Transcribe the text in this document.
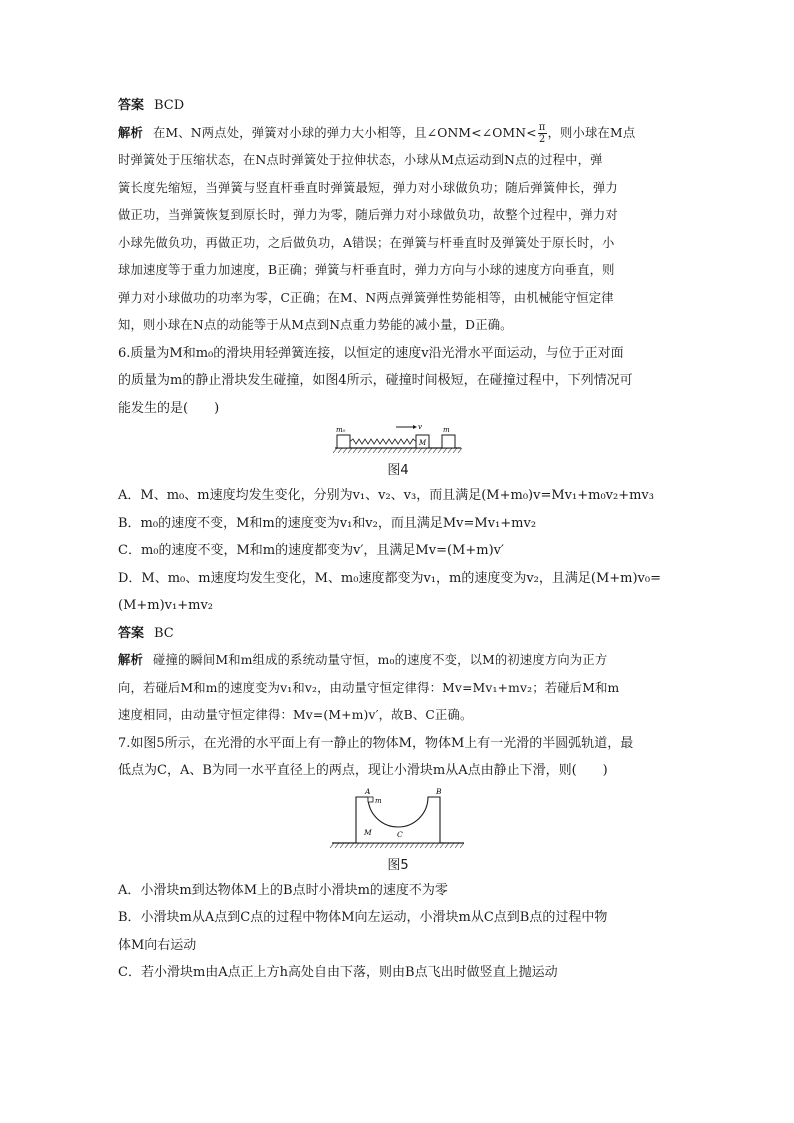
答案 BCD
解析 在M、N两点处，弹簧对小球的弹力大小相等，且∠ONM<∠OMN< $\frac{\pi}{2}$ ，则小球在M点
时弹簧处于压缩状态，在N点时弹簧处于拉伸状态，小球从M点运动到N点的过程中，弹
簧长度先缩短，当弹簧与竖直杆垂直时弹簧最短，弹力对小球做负功；随后弹簧伸长，弹力
做正功，当弹簧恢复到原长时，弹力为零，随后弹力对小球做负功，故整个过程中，弹力对
小球先做负功，再做正功，之后做负功，A错误；在弹簧与杆垂直时及弹簧处于原长时，小
球加速度等于重力加速度，B正确；弹簧与杆垂直时，弹力方向与小球的速度方向垂直，则
弹力对小球做功的功率为零，C正确；在M、N两点弹簧弹性势能相等，由机械能守恒定律
知，则小球在N点的动能等于从M点到N点重力势能的减小量，D正确。
6.质量为M和m₀的滑块用轻弹簧连接，以恒定的速度v沿光滑水平面运动，与位于正对面
的质量为m的静止滑块发生碰撞，如图4所示，碰撞时间极短，在碰撞过程中，下列情况可
能发生的是(　　)
m₀	v
M
m
图4
A．M、m₀、m速度均发生变化，分别为v₁、v₂、v₃，而且满足(M+m₀)v=Mv₁+m₀v₂+mv₃
B．m₀的速度不变，M和m的速度变为v₁和v₂，而且满足Mv=Mv₁+mv₂
C．m₀的速度不变，M和m的速度都变为v′，且满足Mv=(M+m)v′
D．M、m₀、m速度均发生变化，M、m₀速度都变为v₁，m的速度变为v₂，且满足(M+m)v₀=
(M+m)v₁+mv₂
答案 BC
解析 碰撞的瞬间M和m组成的系统动量守恒，m₀的速度不变，以M的初速度方向为正方
向，若碰后M和m的速度变为v₁和v₂，由动量守恒定律得：Mv=Mv₁+mv₂；若碰后M和m
速度相同，由动量守恒定律得：Mv=(M+m)v′，故B、C正确。
7.如图5所示，在光滑的水平面上有一静止的物体M，物体M上有一光滑的半圆弧轨道，最
低点为C，A、B为同一水平直径上的两点，现让小滑块m从A点由静止下滑，则(　　)
A
m
B
M	C
图5
A．小滑块m到达物体M上的B点时小滑块m的速度不为零
B．小滑块m从A点到C点的过程中物体M向左运动，小滑块m从C点到B点的过程中物
体M向右运动
C．若小滑块m由A点正上方h高处自由下落，则由B点飞出时做竖直上抛运动
